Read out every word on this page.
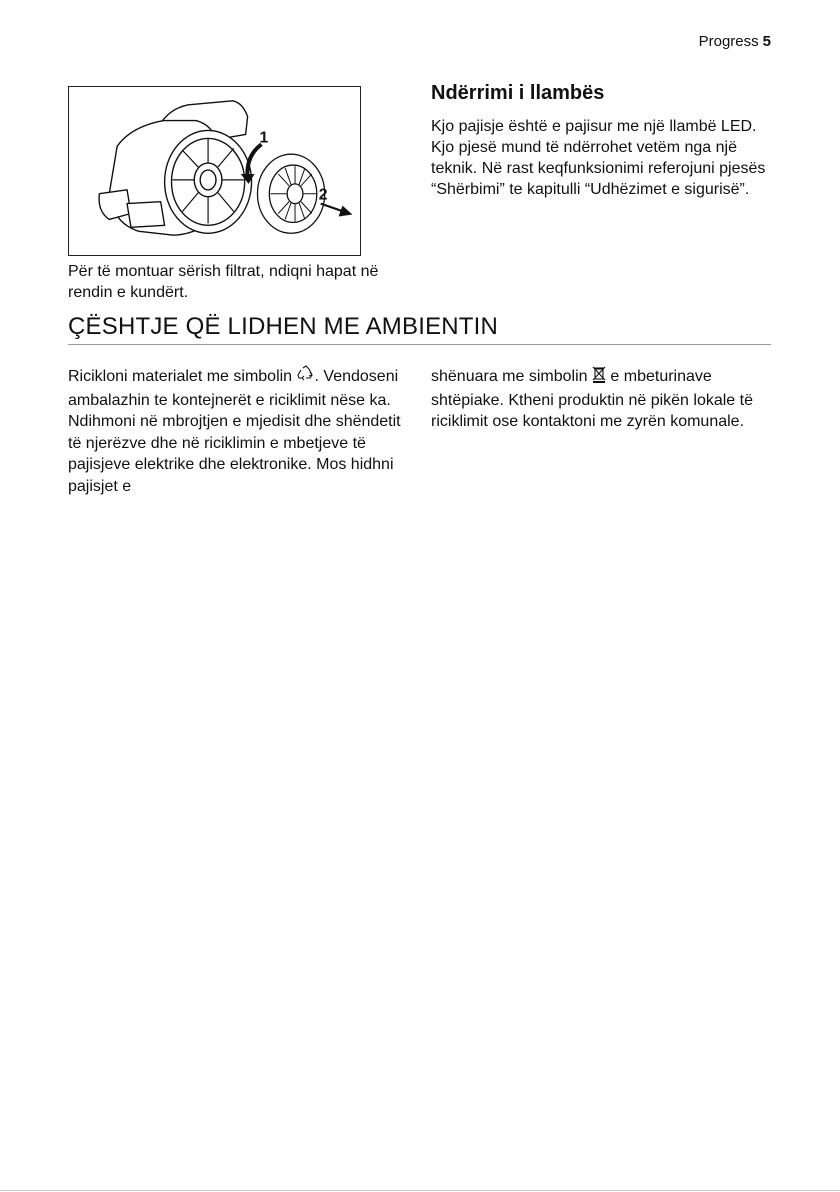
Progress 5
1
2
Për të montuar sërish filtrat, ndiqni hapat në rendin e kundërt.
Ndërrimi i llambës
Kjo pajisje është e pajisur me një llambë LED. Kjo pjesë mund të ndërrohet vetëm nga një teknik. Në rast keqfunksionimi referojuni pjesës “Shërbimi” te kapitulli “Udhëzimet e sigurisë”.
ÇËSHTJE QË LIDHEN ME AMBIENTIN
Ricikloni materialet me simbolin . Vendoseni ambalazhin te kontejnerët e riciklimit nëse ka. Ndihmoni në mbrojtjen e mjedisit dhe shëndetit të njerëzve dhe në riciklimin e mbetjeve të pajisjeve elektrike dhe elektronike. Mos hidhni pajisjet e
shënuara me simbolin  e mbeturinave shtëpiake. Ktheni produktin në pikën lokale të riciklimit ose kontaktoni me zyrën komunale.
